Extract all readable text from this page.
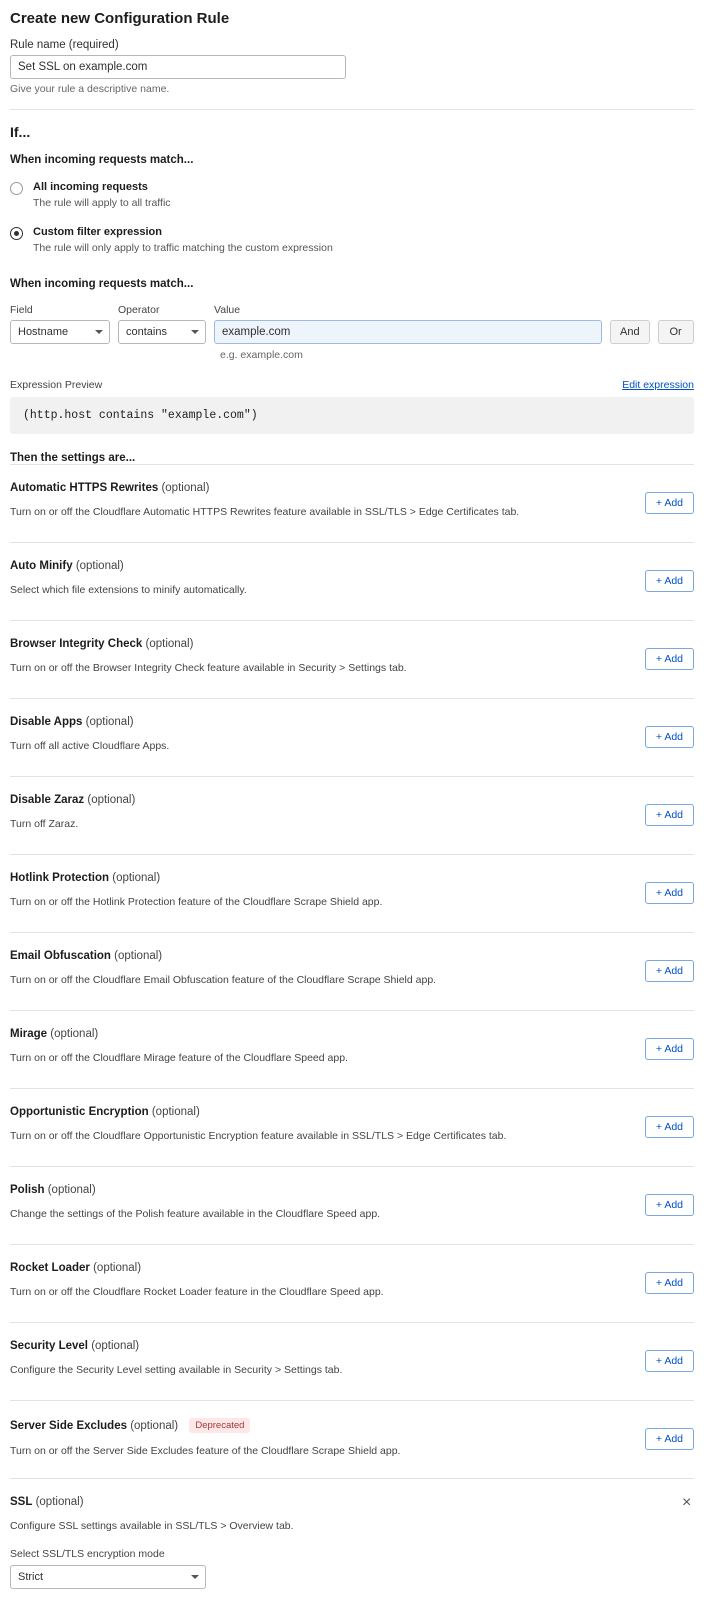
Create new Configuration Rule
Rule name (required)
Set SSL on example.com
Give your rule a descriptive name.
If...
When incoming requests match...
All incoming requests
The rule will apply to all traffic
Custom filter expression
The rule will only apply to traffic matching the custom expression
When incoming requests match...
Field
Hostname
Operator
contains
Value
example.com

And
	Or
e.g. example.com
Expression Preview	Edit expression
(http.host contains "example.com")
Then the settings are...
Automatic HTTPS Rewrites (optional)
Turn on or off the Cloudflare Automatic HTTPS Rewrites feature available in SSL/TLS > Edge Certificates tab.
+ Add
Auto Minify (optional)
Select which file extensions to minify automatically.
+ Add
Browser Integrity Check (optional)
Turn on or off the Browser Integrity Check feature available in Security > Settings tab.
+ Add
Disable Apps (optional)
Turn off all active Cloudflare Apps.
+ Add
Disable Zaraz (optional)
Turn off Zaraz.
+ Add
Hotlink Protection (optional)
Turn on or off the Hotlink Protection feature of the Cloudflare Scrape Shield app.
+ Add
Email Obfuscation (optional)
Turn on or off the Cloudflare Email Obfuscation feature of the Cloudflare Scrape Shield app.
+ Add
Mirage (optional)
Turn on or off the Cloudflare Mirage feature of the Cloudflare Speed app.
+ Add
Opportunistic Encryption (optional)
Turn on or off the Cloudflare Opportunistic Encryption feature available in SSL/TLS > Edge Certificates tab.
+ Add
Polish (optional)
Change the settings of the Polish feature available in the Cloudflare Speed app.
+ Add
Rocket Loader (optional)
Turn on or off the Cloudflare Rocket Loader feature in the Cloudflare Speed app.
+ Add
Security Level (optional)
Configure the Security Level setting available in Security > Settings tab.
+ Add
Server Side Excludes (optional) Deprecated
Turn on or off the Server Side Excludes feature of the Cloudflare Scrape Shield app.
+ Add
SSL (optional)
Configure SSL settings available in SSL/TLS > Overview tab.
Select SSL/TLS encryption mode
Strict
×
